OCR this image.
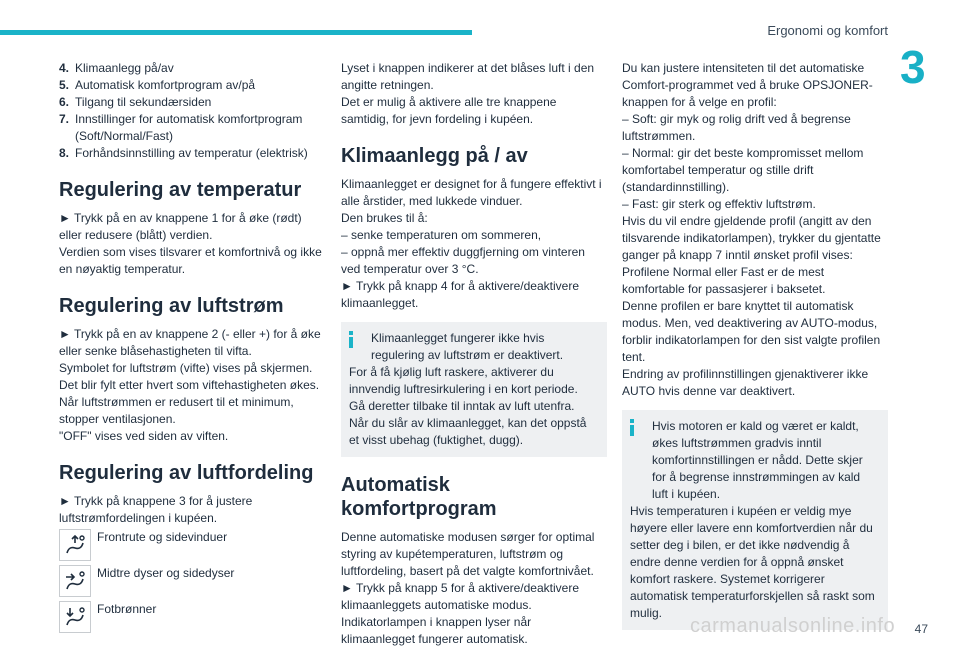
Ergonomi og komfort
3
4. Klimaanlegg på/av
5. Automatisk komfortprogram av/på
6. Tilgang til sekundærsiden
7. Innstillinger for automatisk komfortprogram (Soft/Normal/Fast)
8. Forhåndsinnstilling av temperatur (elektrisk)
Regulering av temperatur

► Trykk på en av knappene 1 for å øke (rødt) eller redusere (blått) verdien.

Verdien som vises tilsvarer et komfortnivå og ikke en nøyaktig temperatur.

Regulering av luftstrøm

► Trykk på en av knappene 2 (- eller +) for å øke eller senke blåsehastigheten til vifta.

Symbolet for luftstrøm (vifte) vises på skjermen. Det blir fylt etter hvert som viftehastigheten økes.

Når luftstrømmen er redusert til et minimum, stopper ventilasjonen.

"OFF" vises ved siden av viften.

Regulering av luftfordeling

► Trykk på knappene 3 for å justere luftstrømfordelingen i kupéen.

Frontrute og sidevinduer
Midtre dyser og sidedyser
Fotbrønner

Lyset i knappen indikerer at det blåses luft i den angitte retningen.

Det er mulig å aktivere alle tre knappene samtidig, for jevn fordeling i kupéen.

Klimaanlegg på / av

Klimaanlegget er designet for å fungere effektivt i alle årstider, med lukkede vinduer.

Den brukes til å:

– senke temperaturen om sommeren,

– oppnå mer effektiv duggfjerning om vinteren ved temperatur over 3 °C.

► Trykk på knapp 4 for å aktivere/deaktivere klimaanlegget.

Klimaanlegget fungerer ikke hvis regulering av luftstrøm er deaktivert.

For å få kjølig luft raskere, aktiverer du innvendig luftresirkulering i en kort periode.

Gå deretter tilbake til inntak av luft utenfra.

Når du slår av klimaanlegget, kan det oppstå et visst ubehag (fuktighet, dugg).

Automatisk komfortprogram

Denne automatiske modusen sørger for optimal styring av kupétemperaturen, luftstrøm og luftfordeling, basert på det valgte komfortnivået.

► Trykk på knapp 5 for å aktivere/deaktivere klimaanleggets automatiske modus.

Indikatorlampen i knappen lyser når klimaanlegget fungerer automatisk.

Du kan justere intensiteten til det automatiske Comfort-programmet ved å bruke OPSJONER-knappen for å velge en profil:

– Soft: gir myk og rolig drift ved å begrense luftstrømmen.

– Normal: gir det beste kompromisset mellom komfortabel temperatur og stille drift (standardinnstilling).

– Fast: gir sterk og effektiv luftstrøm.

Hvis du vil endre gjeldende profil (angitt av den tilsvarende indikatorlampen), trykker du gjentatte ganger på knapp 7 inntil ønsket profil vises:

Profilene Normal eller Fast er de mest komfortable for passasjerer i baksetet.

Denne profilen er bare knyttet til automatisk modus. Men, ved deaktivering av AUTO-modus, forblir indikatorlampen for den sist valgte profilen tent.

Endring av profilinnstillingen gjenaktiverer ikke AUTO hvis denne var deaktivert.

Hvis motoren er kald og været er kaldt, økes luftstrømmen gradvis inntil komfortinnstillingen er nådd. Dette skjer for å begrense innstrømmingen av kald luft i kupéen.

Hvis temperaturen i kupéen er veldig mye høyere eller lavere enn komfortverdien når du setter deg i bilen, er det ikke nødvendig å endre denne verdien for å oppnå ønsket komfort raskere. Systemet korrigerer automatisk temperaturforskjellen så raskt som mulig.

carmanualsonline.info 47
